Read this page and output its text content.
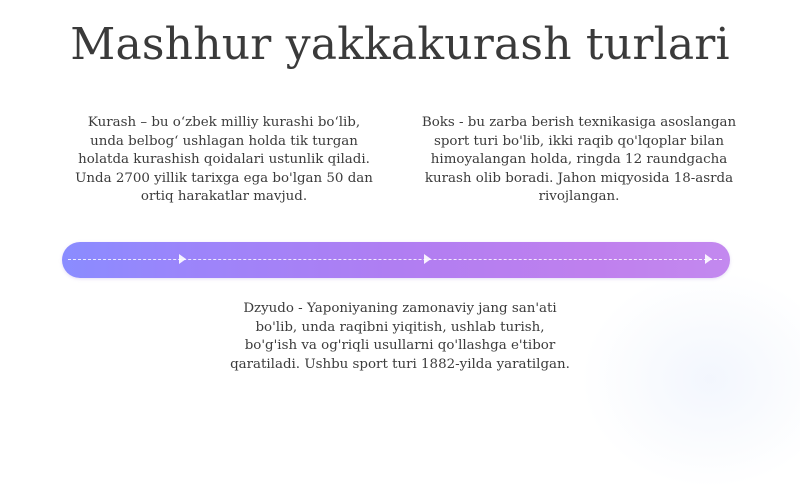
Mashhur yakkakurash turlari

Kurash – bu o‘zbek milliy kurashi bo‘lib, unda belbog‘ ushlagan holda tik turgan holatda kurashish qoidalari ustunlik qiladi. Unda 2700 yillik tarixga ega bo'lgan 50 dan ortiq harakatlar mavjud.

Boks - bu zarba berish texnikasiga asoslangan sport turi bo'lib, ikki raqib qo'lqoplar bilan himoyalangan holda, ringda 12 raundgacha kurash olib boradi. Jahon miqyosida 18-asrda rivojlangan.

Dzyudo - Yaponiyaning zamonaviy jang san'ati bo'lib, unda raqibni yiqitish, ushlab turish, bo'g'ish va og'riqli usullarni qo'llashga e'tibor qaratiladi. Ushbu sport turi 1882-yilda yaratilgan.
